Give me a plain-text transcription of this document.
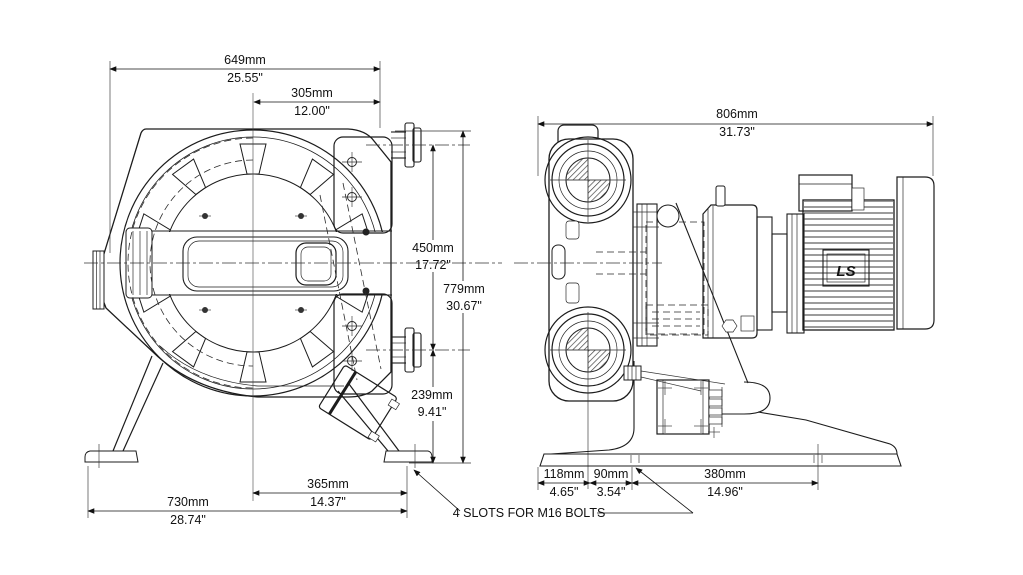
LS
649mm
25.55"
305mm
12.00"
450mm
17.72"
779mm
30.67"
239mm
9.41"
365mm
14.37"
730mm
28.74"
806mm
31.73"
118mm
4.65"
90mm
3.54"
380mm
14.96"
4 SLOTS FOR M16 BOLTS
